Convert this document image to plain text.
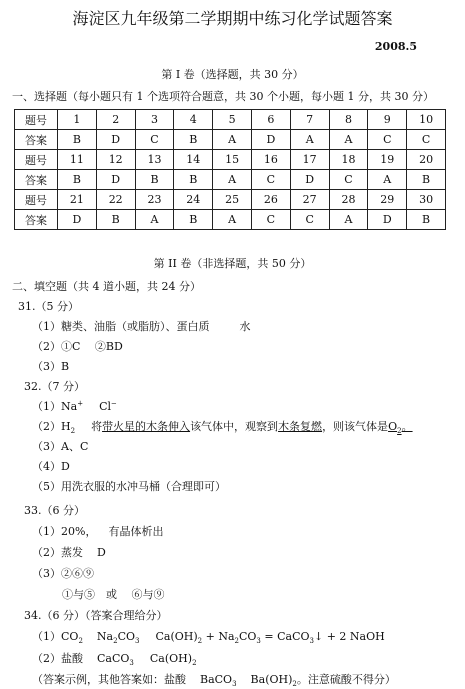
海淀区九年级第二学期期中练习化学试题答案
2008.5
第 I 卷（选择题，共 30 分）
一、选择题（每小题只有 1 个选项符合题意，共 30 个小题，每小题 1 分，共 30 分）
题号	1	2	3	4	5	6	7	8	9	10
答案	B	D	C	B	A	D	A	A	C	C
题号	11	12	13	14	15	16	17	18	19	20
答案	B	D	B	B	A	C	D	C	A	B
题号	21	22	23	24	25	26	27	28	29	30
答案	D	B	A	B	A	C	C	A	D	B
第 II 卷（非选择题，共 50 分）
二、填空题（共 4 道小题，共 24 分）
31.（5 分）
（1）糖类、油脂（或脂肪）、蛋白质	水
（2）①C　 ②BD
（3）B
32.（7 分）
（1）Na+ Cl−
$(2)H_2$ 将带火星的木条伸入该气体中，观察到木条复燃，则该气体是$O_2$。
（3）A、C
（4）D
（5）用洗衣服的水冲马桶（合理即可）
33.（6 分）
（1）20%， 有晶体析出
（2）蒸发 D
（3）②⑥⑨
①与⑤　或　 ⑥与⑨
34.（6 分）（答案合理给分）
$(1)CO_2$ $Na_2CO_3$ $Ca(OH)_2 + Na_2CO_3$ = CaCO$_3$↓ + 2 NaOH
（2）盐酸 CaCO$_3$ $Ca(OH)_2$
（答案示例，其他答案如：盐酸 BaCO$_3$ $Ba(OH)_2$。注意硫酸不得分）
